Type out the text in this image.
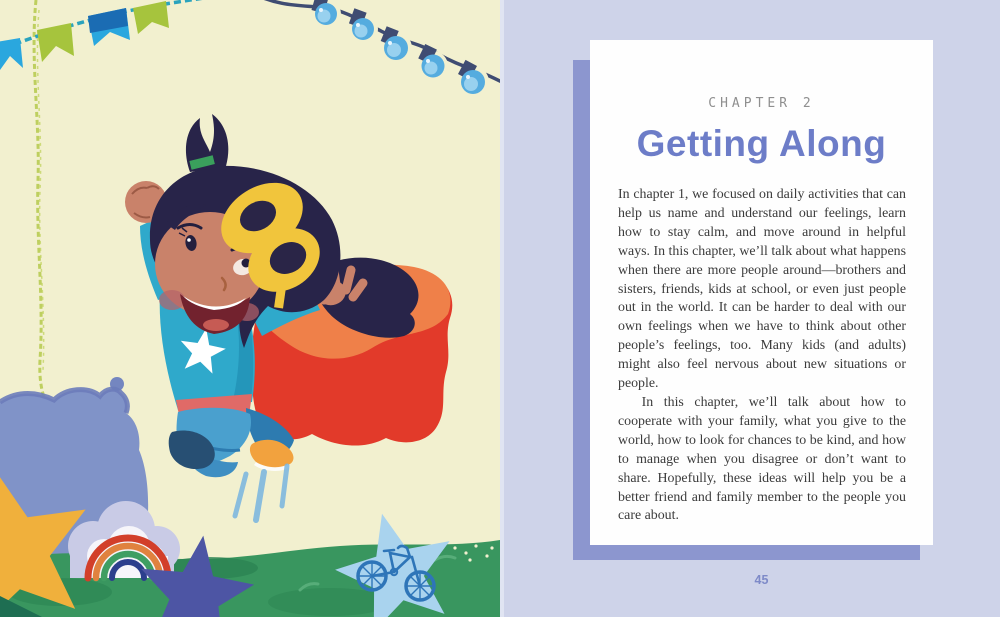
CHAPTER 2
Getting Along

In chapter 1, we focused on daily activities that can help us name and understand our feelings, learn how to stay calm, and move around in helpful ways. In this chapter, we’ll talk about what happens when there are more people around—brothers and sisters, friends, kids at school, or even just people out in the world. It can be harder to deal with our own feelings when we have to think about other people’s feelings, too. Many kids (and adults) might also feel nervous about new situations or people.

In this chapter, we’ll talk about how to cooperate with your family, what you give to the world, how to look for chances to be kind, and how to manage when you disagree or don’t want to share. Hopefully, these ideas will help you be a better friend and family member to the people you care about.

45
